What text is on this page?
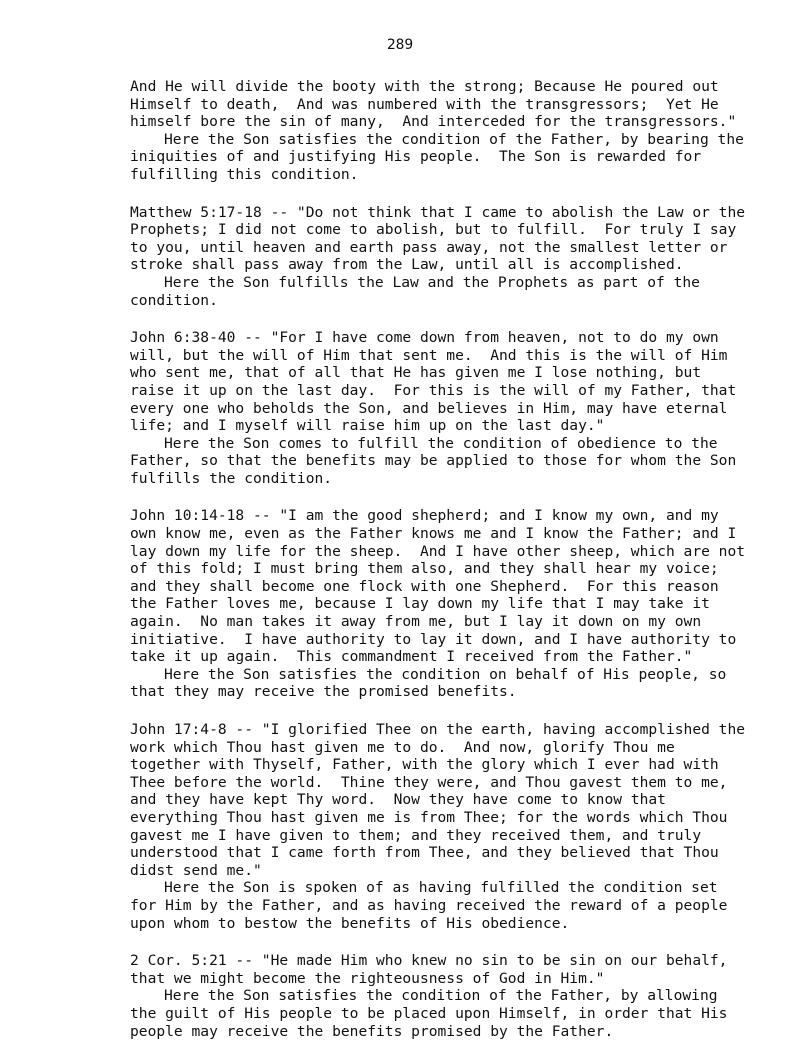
289
And He will divide the booty with the strong; Because He poured out
Himself to death,  And was numbered with the transgressors;  Yet He
himself bore the sin of many,  And interceded for the transgressors."
Here the Son satisfies the condition of the Father, by bearing the
iniquities of and justifying His people.  The Son is rewarded for
fulfilling this condition.
Matthew 5:17-18 -- "Do not think that I came to abolish the Law or the
Prophets; I did not come to abolish, but to fulfill.  For truly I say
to you, until heaven and earth pass away, not the smallest letter or
stroke shall pass away from the Law, until all is accomplished.
Here the Son fulfills the Law and the Prophets as part of the
condition.
John 6:38-40 -- "For I have come down from heaven, not to do my own
will, but the will of Him that sent me.  And this is the will of Him
who sent me, that of all that He has given me I lose nothing, but
raise it up on the last day.  For this is the will of my Father, that
every one who beholds the Son, and believes in Him, may have eternal
life; and I myself will raise him up on the last day."
Here the Son comes to fulfill the condition of obedience to the
Father, so that the benefits may be applied to those for whom the Son
fulfills the condition.
John 10:14-18 -- "I am the good shepherd; and I know my own, and my
own know me, even as the Father knows me and I know the Father; and I
lay down my life for the sheep.  And I have other sheep, which are not
of this fold; I must bring them also, and they shall hear my voice;
and they shall become one flock with one Shepherd.  For this reason
the Father loves me, because I lay down my life that I may take it
again.  No man takes it away from me, but I lay it down on my own
initiative.  I have authority to lay it down, and I have authority to
take it up again.  This commandment I received from the Father."
Here the Son satisfies the condition on behalf of His people, so
that they may receive the promised benefits.
John 17:4-8 -- "I glorified Thee on the earth, having accomplished the
work which Thou hast given me to do.  And now, glorify Thou me
together with Thyself, Father, with the glory which I ever had with
Thee before the world.  Thine they were, and Thou gavest them to me,
and they have kept Thy word.  Now they have come to know that
everything Thou hast given me is from Thee; for the words which Thou
gavest me I have given to them; and they received them, and truly
understood that I came forth from Thee, and they believed that Thou
didst send me."
Here the Son is spoken of as having fulfilled the condition set
for Him by the Father, and as having received the reward of a people
upon whom to bestow the benefits of His obedience.
2 Cor. 5:21 -- "He made Him who knew no sin to be sin on our behalf,
that we might become the righteousness of God in Him."
Here the Son satisfies the condition of the Father, by allowing
the guilt of His people to be placed upon Himself, in order that His
people may receive the benefits promised by the Father.
